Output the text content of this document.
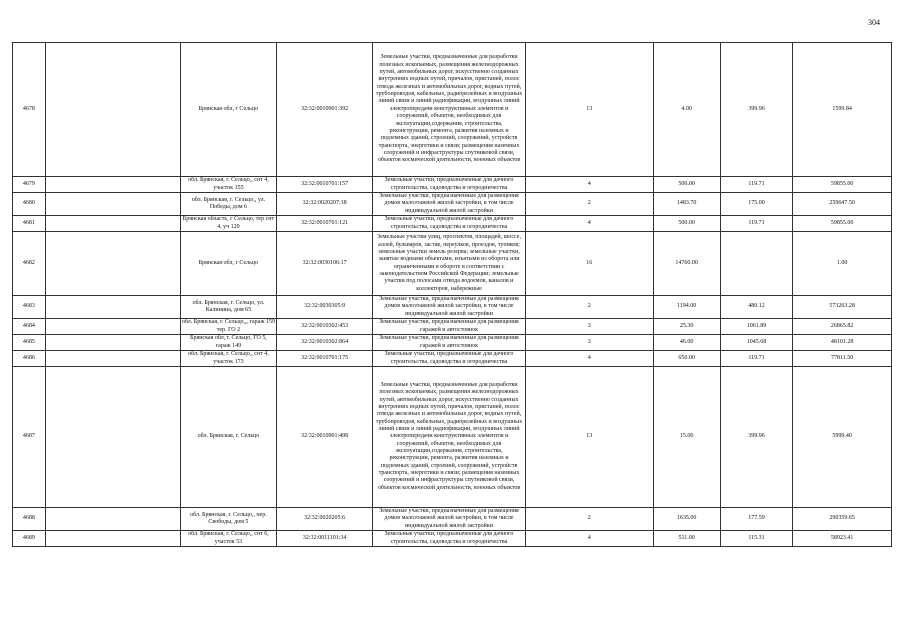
304
4678		Брянская обл, г Сельцо	32:32:0010901:392	Земельные участки, предназначенные для разработки полезных ископаемых, размещения железнодорожных путей, автомобильных дорог, искусственно созданных внутренних водных путей, причалов, пристаней, полос отвода железных и автомобильных дорог, водных путей, трубопроводов, кабельных, радиорелейных и воздушных линий связи и линий радиофикации, воздушных линий электропередачи конструктивных элементов и сооружений, объектов, необходимых для эксплуатации,содержания, строительства, реконструкции, ремонта, развития наземных и подземных зданий, строений, сооружений, устройств транспорта, энергетики и связи; размещения наземных сооружений и инфраструктуры спутниковой связи, объектов космической деятельности, военных объектов	13	4.00	399.96	1599.84
4679		обл. Брянская, г. Сельцо,, снт 4, участок 155	32:32:0010701:157	Земельные участки, предназначенные для дачного строительства, садоводства и огородничества	4	500.00	119.71	59855.00
4680		обл. Брянская, г. Сельцо,, ул. Победы, дом 6	32:32:0020207:18	Земельные участки, предназначенные для размещения домов малоэтажной жилой застройки, в том числе индивидуальной жилой застройки	2	1483.70	175.00	259647.50
4681		Брянская область, г Сельцо, тер снт 4, уч 120	32:32:0010701:121	Земельные участки, предназначенные для дачного строительства, садоводства и огородничества	4	500.00	119.71	59855.00
4682		Брянская обл, г Сельцо	32:32:0030106:17	Земельные участки улиц, проспектов, площадей, шоссе, аллей, бульваров, застав, переулков, проездов, тупиков; земельные участки земель резерва; земельные участки, занятые водными объектами, изъятыми из оборота или ограниченными в обороте в соответствии с законодательством Российской Федерации; земельные участки под полосами отвода водоемов, каналов и коллекторов, набережные	16	14760.00		1.00
4683		обл. Брянская, г. Сельцо, ул. Калинина, дом 65	32:32:0030305:9	Земельные участки, предназначенные для размещения домов малоэтажной жилой застройки, в том числе индивидуальной жилой застройки	2	1194.00	480.12	573263.28
4684		обл. Брянская, г. Сельцо,,, гараж 159 тер. ГО 2	32:32:0010302:453	Земельные участки, предназначенные для размещения гаражей и автостоянок	3	25.30	1061.89	26865.82
4685		Брянская обл, г. Сельцо, ГО 5, гараж 149	32:32:0010302:864	Земельные участки, предназначенные для размещения гаражей и автостоянок	3	46.00	1045.68	48101.28
4686		обл. Брянская, г. Сельцо,, снт 4, участок 173	32:32:0010701:175	Земельные участки, предназначенные для дачного строительства, садоводства и огородничества	4	650.00	119.71	77811.50
4687		обл. Брянская, г. Сельцо	32:32:0010901:498	Земельные участки, предназначенные для разработки полезных ископаемых, размещения железнодорожных путей, автомобильных дорог, искусственно созданных внутренних водных путей, причалов, пристаней, полос отвода железных и автомобильных дорог, водных путей, трубопроводов, кабельных, радиорелейных и воздушных линий связи и линий радиофикации, воздушных линий электропередачи конструктивных элементов и сооружений, объектов, необходимых для эксплуатации,содержания, строительства, реконструкции, ремонта, развития наземных и подземных зданий, строений, сооружений, устройств транспорта, энергетики и связи; размещения наземных сооружений и инфраструктуры спутниковой связи, объектов космической деятельности, военных объектов	13	15.00	399.96	5999.40
4688		обл. Брянская, г. Сельцо,, пер. Свободы, дом 5	32:32:0020205:6	Земельные участки, предназначенные для размещения домов малоэтажной жилой застройки, в том числе индивидуальной жилой застройки	2	1635.00	177.59	290359.65
4689		обл. Брянская, г. Сельцо,, снт 6, участок 53	32:32:0011101:34	Земельные участки, предназначенные для дачного строительства, садоводства и огородничества	4	511.00	115.31	58923.41
